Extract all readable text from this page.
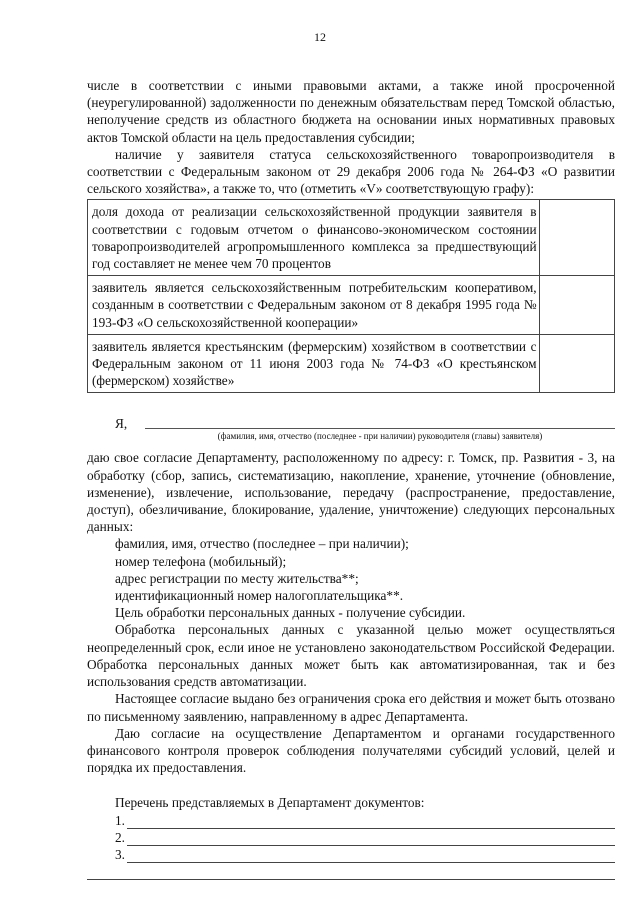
12

числе в соответствии с иными правовыми актами, а также иной просроченной (неурегулированной) задолженности по денежным обязательствам перед Томской областью, неполучение средств из областного бюджета на основании иных нормативных правовых актов Томской области на цель предоставления субсидии;

наличие у заявителя статуса сельскохозяйственного товаропроизводителя в соответствии с Федеральным законом от 29 декабря 2006 года № 264-ФЗ «О развитии сельского хозяйства», а также то, что (отметить «V» соответствующую графу):

доля дохода от реализации сельскохозяйственной продукции заявителя в соответствии с годовым отчетом о финансово-экономическом состоянии товаропроизводителей агропромышленного комплекса за предшествующий год составляет не менее чем 70 процентов	
заявитель является сельскохозяйственным потребительским кооперативом, созданным в соответствии с Федеральным законом от 8 декабря 1995 года № 193-ФЗ «О сельскохозяйственной кооперации»	
заявитель является крестьянским (фермерским) хозяйством в соответствии с Федеральным законом от 11 июня 2003 года № 74-ФЗ «О крестьянском (фермерском) хозяйстве»	
Я,
(фамилия, имя, отчество (последнее - при наличии) руководителя (главы) заявителя)

даю свое согласие Департаменту, расположенному по адресу: г. Томск, пр. Развития - 3, на обработку (сбор, запись, систематизацию, накопление, хранение, уточнение (обновление, изменение), извлечение, использование, передачу (распространение, предоставление, доступ), обезличивание, блокирование, удаление, уничтожение) следующих персональных данных:

фамилия, имя, отчество (последнее – при наличии);
номер телефона (мобильный);
адрес регистрации по месту жительства**;
идентификационный номер налогоплательщика**.
Цель обработки персональных данных - получение субсидии.

Обработка персональных данных с указанной целью может осуществляться неопределенный срок, если иное не установлено законодательством Российской Федерации. Обработка персональных данных может быть как автоматизированная, так и без использования средств автоматизации.

Настоящее согласие выдано без ограничения срока его действия и может быть отозвано по письменному заявлению, направленному в адрес Департамента.

Даю согласие на осуществление Департаментом и органами государственного финансового контроля проверок соблюдения получателями субсидий условий, целей и порядка их предоставления.

Перечень представляемых в Департамент документов:
1.
2.
3.
